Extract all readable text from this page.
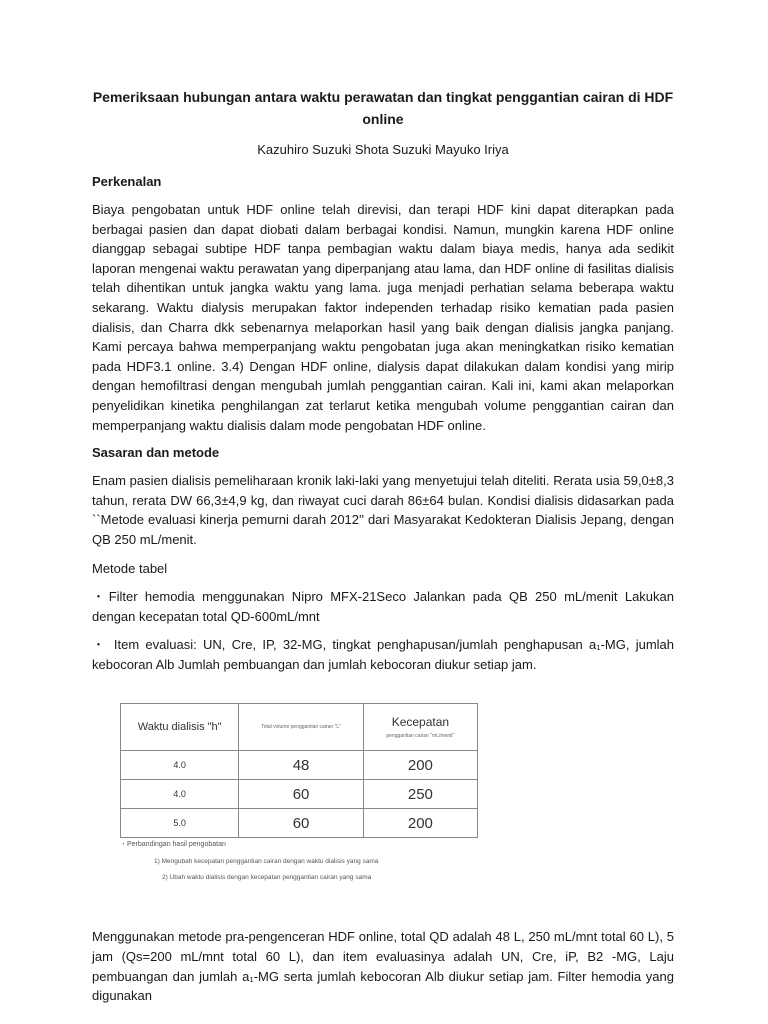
Pemeriksaan hubungan antara waktu perawatan dan tingkat penggantian cairan di HDF online
Kazuhiro Suzuki Shota Suzuki Mayuko Iriya
Perkenalan

Biaya pengobatan untuk HDF online telah direvisi, dan terapi HDF kini dapat diterapkan pada berbagai pasien dan dapat diobati dalam berbagai kondisi. Namun, mungkin karena HDF online dianggap sebagai subtipe HDF tanpa pembagian waktu dalam biaya medis, hanya ada sedikit laporan mengenai waktu perawatan yang diperpanjang atau lama, dan HDF online di fasilitas dialisis telah dihentikan untuk jangka waktu yang lama. juga menjadi perhatian selama beberapa waktu sekarang. Waktu dialysis merupakan faktor independen terhadap risiko kematian pada pasien dialisis, dan Charra dkk sebenarnya melaporkan hasil yang baik dengan dialisis jangka panjang. Kami percaya bahwa memperpanjang waktu pengobatan juga akan meningkatkan risiko kematian pada HDF3.1 online. 3.4) Dengan HDF online, dialysis dapat dilakukan dalam kondisi yang mirip dengan hemofiltrasi dengan mengubah jumlah penggantian cairan. Kali ini, kami akan melaporkan penyelidikan kinetika penghilangan zat terlarut ketika mengubah volume penggantian cairan dan memperpanjang waktu dialisis dalam mode pengobatan HDF online.

Sasaran dan metode

Enam pasien dialisis pemeliharaan kronik laki-laki yang menyetujui telah diteliti. Rerata usia 59,0±8,3 tahun, rerata DW 66,3±4,9 kg, dan riwayat cuci darah 86±64 bulan. Kondisi dialisis didasarkan pada ``Metode evaluasi kinerja pemurni darah 2012'' dari Masyarakat Kedokteran Dialisis Jepang, dengan QB 250 mL/menit.

Metode tabel

・Filter hemodia menggunakan Nipro MFX-21Seco Jalankan pada QB 250 mL/menit Lakukan dengan kecepatan total QD-600mL/mnt

・ Item evaluasi: UN, Cre, IP, 32-MG, tingkat penghapusan/jumlah penghapusan a₁-MG, jumlah kebocoran Alb Jumlah pembuangan dan jumlah kebocoran diukur setiap jam.

Waktu dialisis "h"	Total volume penggantian cairan "L"	Kecepatan
penggantian cairan "mL/menit"

4.0	48	200
4.0	60	250
5.0	60	200
・Perbandingan hasil pengobatan
1) Mengubah kecepatan penggantian cairan dengan waktu dialisis yang sama
2) Ubah waktu dialisis dengan kecepatan penggantian cairan yang sama

Menggunakan metode pra-pengenceran HDF online, total QD adalah 48 L, 250 mL/mnt total 60 L), 5 jam (Qs=200 mL/mnt total 60 L), dan item evaluasinya adalah UN, Cre, iP, B2 -MG, Laju pembuangan dan jumlah a₁-MG serta jumlah kebocoran Alb diukur setiap jam. Filter hemodia yang digunakan
